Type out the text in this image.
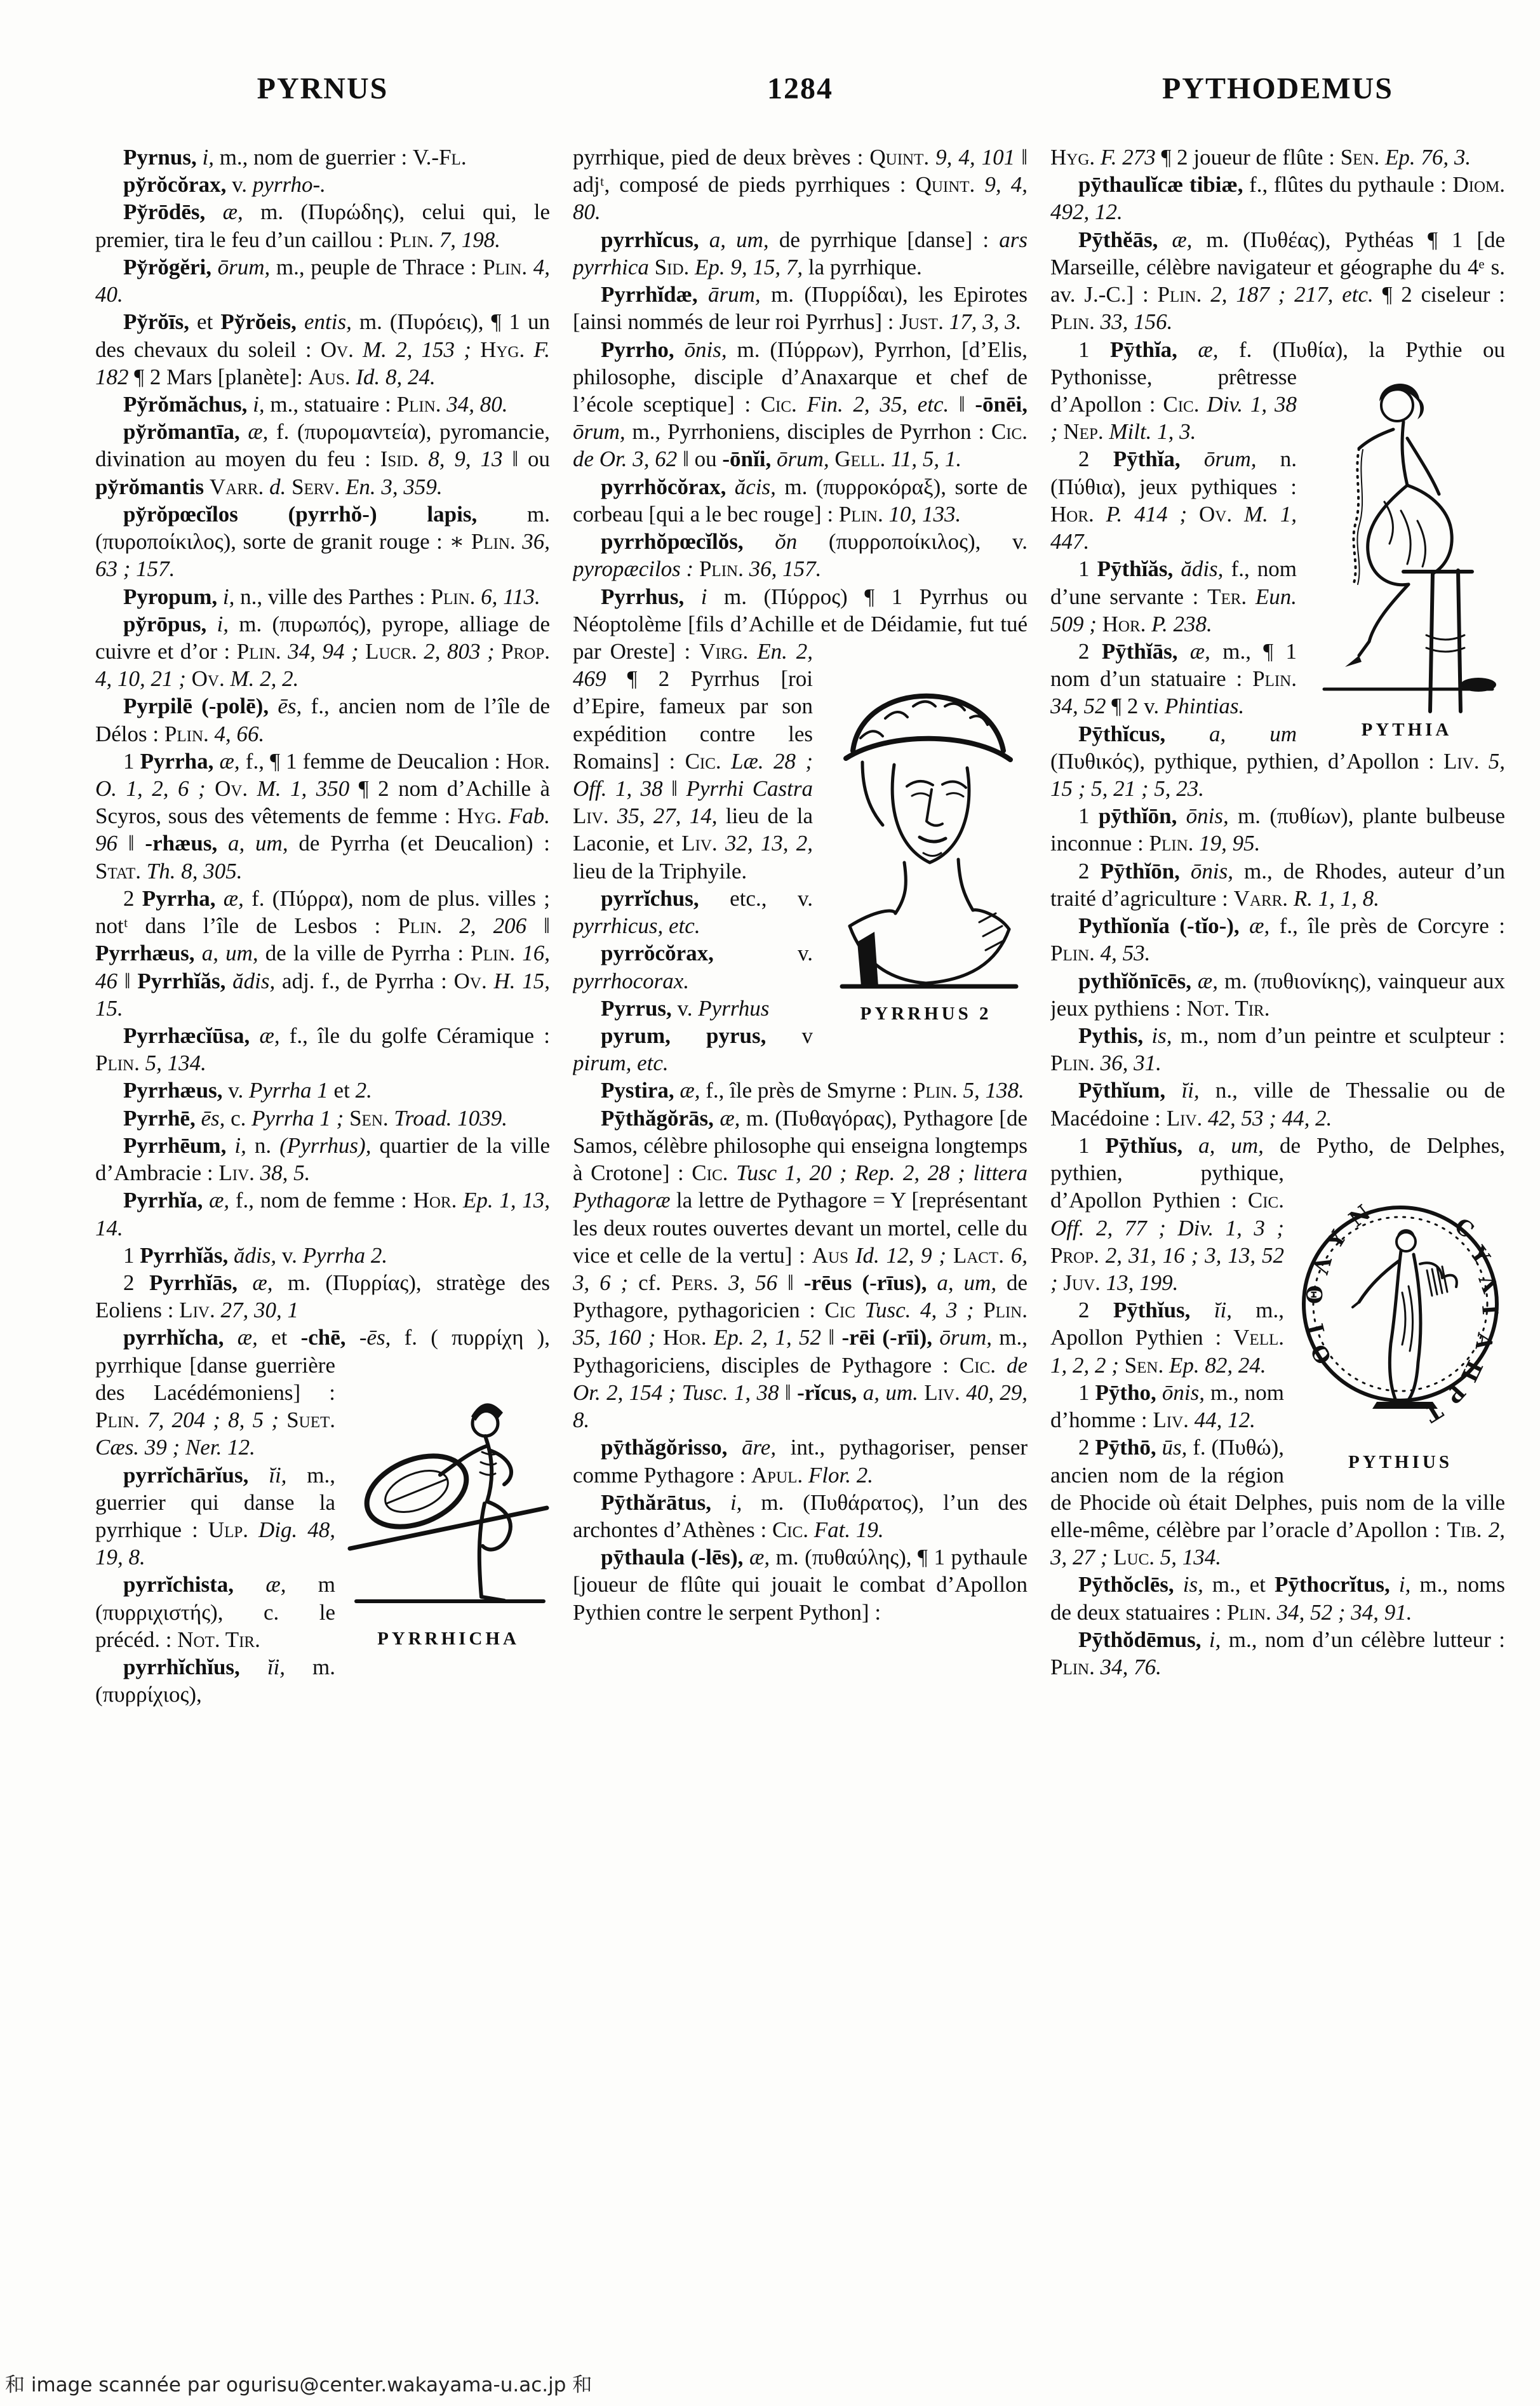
PYRNUS	1284	PYTHODEMUS

Pyrnus, i, m., nom de guerrier : V.-Fl.

py̆rŏcŏrax, v. pyrrho-.

Py̆rōdēs, æ, m. (Πυρώδης), celui qui, le premier, tira le feu d’un caillou : Plin. 7, 198.

Py̆rŏgĕri, ōrum, m., peuple de Thrace : Plin. 4, 40.

Py̆rŏīs, et Py̆rŏeis, entis, m. (Πυρόεις), ¶ 1 un des chevaux du soleil : Ov. M. 2, 153 ; Hyg. F. 182 ¶ 2 Mars [planète]: Aus. Id. 8, 24.

Py̆rŏmăchus, i, m., statuaire : Plin. 34, 80.

py̆rŏmantīa, æ, f. (πυρομαντεία), pyromancie, divination au moyen du feu : Isid. 8, 9, 13 ‖ ou py̆rŏmantis Varr. d. Serv. En. 3, 359.

py̆rŏpœcĭlos (pyrrhŏ-) lapis, m. (πυροποίκιλος), sorte de granit rouge : ∗ Plin. 36, 63 ; 157.

Pyropum, i, n., ville des Parthes : Plin. 6, 113.

py̆rōpus, i, m. (πυρωπός), pyrope, alliage de cuivre et d’or : Plin. 34, 94 ; Lucr. 2, 803 ; Prop. 4, 10, 21 ; Ov. M. 2, 2.

Pyrpilē (-polē), ēs, f., ancien nom de l’île de Délos : Plin. 4, 66.

1 Pyrrha, æ, f., ¶ 1 femme de Deucalion : Hor. O. 1, 2, 6 ; Ov. M. 1, 350 ¶ 2 nom d’Achille à Scyros, sous des vêtements de femme : Hyg. Fab. 96 ‖ -rhæus, a, um, de Pyrrha (et Deucalion) : Stat. Th. 8, 305.

2 Pyrrha, æ, f. (Πύρρα), nom de plus. villes ; notᵗ dans l’île de Lesbos : Plin. 2, 206 ‖ Pyrrhæus, a, um, de la ville de Pyrrha : Plin. 16, 46 ‖ Pyrrhĭăs, ădis, adj. f., de Pyrrha : Ov. H. 15, 15.

Pyrrhæcĭūsa, æ, f., île du golfe Céramique : Plin. 5, 134.

Pyrrhæus, v. Pyrrha 1 et 2.

Pyrrhē, ēs, c. Pyrrha 1 ; Sen. Troad. 1039.

Pyrrhēum, i, n. (Pyrrhus), quartier de la ville d’Ambracie : Liv. 38, 5.

Pyrrhĭa, æ, f., nom de femme : Hor. Ep. 1, 13, 14.

1 Pyrrhĭăs, ădis, v. Pyrrha 2.

2 Pyrrhĭās, æ, m. (Πυρρίας), stratège des Eoliens : Liv. 27, 30, 1

pyrrhĭcha, æ, et -chē, -ēs, f.
PYRRHICHA
( πυρρίχη ), pyrrhique [danse guerrière des Lacédémoniens] : Plin. 7, 204 ; 8, 5 ; Suet. Cæs. 39 ; Ner. 12.

pyrrĭchārĭus, ĭi, m., guerrier qui danse la pyrrhique : Ulp. Dig. 48, 19, 8.

pyrrĭchista, æ, m (πυρριχιστής), c. le précéd. : Not. Tir.

pyrrhĭchĭus, ĭi, m. (πυρρίχιος),

pyrrhique, pied de deux brèves : Quint. 9, 4, 101 ‖ adjᵗ, composé de pieds pyrrhiques : Quint. 9, 4, 80.

pyrrhĭcus, a, um, de pyrrhique [danse] : ars pyrrhica Sid. Ep. 9, 15, 7, la pyrrhique.

Pyrrhĭdæ, ārum, m. (Πυρρίδαι), les Epirotes [ainsi nommés de leur roi Pyrrhus] : Just. 17, 3, 3.

Pyrrho, ōnis, m. (Πύρρων), Pyrrhon, [d’Elis, philosophe, disciple d’Anaxarque et chef de l’école sceptique] : Cic. Fin. 2, 35, etc. ‖ -ōnēi, ōrum, m., Pyrrhoniens, disciples de Pyrrhon : Cic. de Or. 3, 62 ‖ ou -ōnĭi, ōrum, Gell. 11, 5, 1.

pyrrhŏcŏrax, ăcis, m. (πυρροκόραξ), sorte de corbeau [qui a le bec rouge] : Plin. 10, 133.

pyrrhŏpœcĭlŏs, ŏn (πυρροποίκιλος), v. pyropæcilos : Plin. 36, 157.

Pyrrhus, i m. (Πύρρος) ¶ 1 Pyrrhus ou Néoptolème [fils d’Achille et de Déidamie, fut tué par
PYRRHUS 2
Oreste] : Virg. En. 2, 469 ¶ 2 Pyrrhus [roi d’Epire, fameux par son expédition contre les Romains] : Cic. Læ. 28 ; Off. 1, 38 ‖ Pyrrhi Castra Liv. 35, 27, 14, lieu de la Laconie, et Liv. 32, 13, 2, lieu de la Triphyile.

pyrrĭchus, etc., v. pyrrhicus, etc.

pyrrŏcŏrax, v. pyrrhocorax.

Pyrrus, v. Pyrrhus

pyrum, pyrus, v pirum, etc.

Pystira, æ, f., île près de Smyrne : Plin. 5, 138.

Pȳthăgŏrās, æ, m. (Πυθαγόρας), Pythagore [de Samos, célèbre philosophe qui enseigna longtemps à Crotone] : Cic. Tusc 1, 20 ; Rep. 2, 28 ; littera Pythagoræ la lettre de Pythagore = Y [représentant les deux routes ouvertes devant un mortel, celle du vice et celle de la vertu] : Aus Id. 12, 9 ; Lact. 6, 3, 6 ; cf. Pers. 3, 56 ‖ -rēus (-rīus), a, um, de Pythagore, pythagoricien : Cic Tusc. 4, 3 ; Plin. 35, 160 ; Hor. Ep. 2, 1, 52 ‖ -rēi (-rīi), ōrum, m., Pythagoriciens, disciples de Pythagore : Cic. de Or. 2, 154 ; Tusc. 1, 38 ‖ -rĭcus, a, um. Liv. 40, 29, 8.

pȳthăgŏrisso, āre, int., pythagoriser, penser comme Pythagore : Apul. Flor. 2.

Pȳthărātus, i, m. (Πυθάρατος), l’un des archontes d’Athènes : Cic. Fat. 19.

pȳthaula (-lēs), æ, m. (πυθαύλης), ¶ 1 pythaule [joueur de flûte qui jouait le combat d’Apollon Pythien contre le serpent Python] :

Hyg. F. 273 ¶ 2 joueur de flûte : Sen. Ep. 76, 3.

pȳthaulĭcæ tibiæ, f., flûtes du pythaule : Diom. 492, 12.

Pȳthĕās, æ, m. (Πυθέας), Pythéas ¶ 1 [de Marseille, célèbre navigateur et géographe du 4ᵉ s. av. J.-C.] : Plin. 2, 187 ; 217, etc. ¶ 2 ciseleur : Plin. 33, 156.

1 Pȳthĭa, æ, f. (Πυθία), la
PYTHIA
Pythie ou Pythonisse, prêtresse d’Apollon : Cic. Div. 1, 38 ; Nep. Milt. 1, 3.

2 Pȳthĭa, ōrum, n. (Πύθια), jeux pythiques : Hor. P. 414 ; Ov. M. 1, 447.

1 Pȳthĭăs, ădis, f., nom d’une servante : Ter. Eun. 509 ; Hor. P. 238.

2 Pȳthĭās, æ, m., ¶ 1 nom d’un statuaire : Plin. 34, 52 ¶ 2 v. Phintias.

Pȳthĭcus, a, um (Πυθικός), pythique, pythien, d’Apollon : Liv. 5, 15 ; 5, 21 ; 5, 23.

1 pȳthĭōn, ōnis, m. (πυθίων), plante bulbeuse inconnue : Plin. 19, 95.

2 Pȳthĭōn, ōnis, m., de Rhodes, auteur d’un traité d’agriculture : Varr. R. 1, 1, 8.

Pythĭonĭa (-tĭo-), æ, f., île près de Corcyre : Plin. 4, 53.

pythĭŏnīcēs, æ, m. (πυθιονίκης), vainqueur aux jeux pythiens : Not. Tir.

Pythis, is, m., nom d’un peintre et sculpteur : Plin. 36, 31.

Pȳthĭum, ĭi, n., ville de Thessalie ou de Macédoine : Liv. 42, 53 ; 44, 2.

1 Pȳthĭus, a, um, de Pytho,
Ν
Υ
Λ
Θ
Ι
Ο
C
Υ
Λ
Ι
Α
Π
Ρ
Τ
PYTHIUS
de Delphes, pythien, pythique, d’Apollon Pythien : Cic. Off. 2, 77 ; Div. 1, 3 ; Prop. 2, 31, 16 ; 3, 13, 52 ; Juv. 13, 199.

2 Pȳthĭus, ĭi, m., Apollon Pythien : Vell. 1, 2, 2 ; Sen. Ep. 82, 24.

1 Pȳtho, ōnis, m., nom d’homme : Liv. 44, 12.

2 Pȳthō, ūs, f. (Πυθώ), ancien nom de la région de Phocide où était Delphes, puis nom de la ville elle-même, célèbre par l’oracle d’Apollon : Tib. 2, 3, 27 ; Luc. 5, 134.

Pȳthŏclēs, is, m., et Pȳthocrĭtus, i, m., noms de deux statuaires : Plin. 34, 52 ; 34, 91.

Pȳthŏdēmus, i, m., nom d’un célèbre lutteur : Plin. 34, 76.

和 image scannée par ogurisu@center.wakayama-u.ac.jp 和
